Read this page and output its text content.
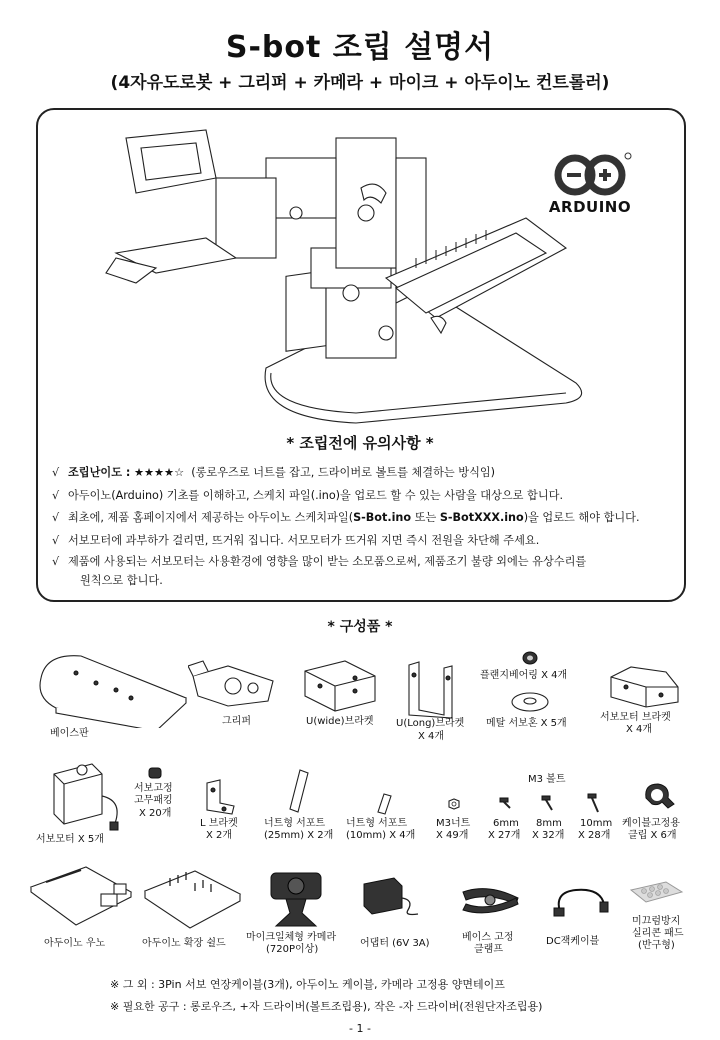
S-bot 조립 설명서
(4자유도로봇 + 그리퍼 + 카메라 + 마이크 + 아두이노 컨트롤러)
ARDUINO
* 조립전에 유의사항 *
√ 조립난이도 : ★★★★☆ (롱로우즈로 너트를 잡고, 드라이버로 볼트를 체결하는 방식임)
√ 아두이노(Arduino) 기초를 이해하고, 스케치 파일(.ino)을 업로드 할 수 있는 사람을 대상으로 합니다.
√ 최초에, 제품 홈페이지에서 제공하는 아두이노 스케치파일(S-Bot.ino 또는 S-BotXXX.ino)을 업로드 해야 합니다.
√ 서보모터에 과부하가 걸리면, 뜨거워 집니다. 서모모터가 뜨거워 지면 즉시 전원을 차단해 주세요.
√ 제품에 사용되는 서보모터는 사용환경에 영향을 많이 받는 소모품으로써, 제품조기 불량 외에는 유상수리를
원칙으로 합니다.
* 구성품 *
베이스판
그리퍼	U(wide)브라켓 U(Long)브라켓
X 4개
플랜지베어링 X 4개
메탈 서보혼 X 5개
서보모터 브라켓
X 4개
서보모터 X 5개
서보고정
고무패킹
X 20개
L 브라켓
X 2개
너트형 서포트
(25mm) X 2개
너트형 서포트
(10mm) X 4개
M3너트
X 49개
M3 볼트
6mm
X 27개
8mm
X 32개
10mm
X 28개
케이블고정용
클립 X 6개
아두이노 우노	아두이노 확장 쉴드
마이크일체형 카메라
(720P이상)
어댑터 (6V 3A)
베이스 고정
클램프
DC잭케이블
미끄럼방지
실리콘 패드
(반구형)
※ 그 외 : 3Pin 서보 연장케이블(3개), 아두이노 케이블, 카메라 고정용 양면테이프
※ 필요한 공구 : 롱로우즈, +자 드라이버(볼트조립용), 작은 -자 드라이버(전원단자조립용)
- 1 -
